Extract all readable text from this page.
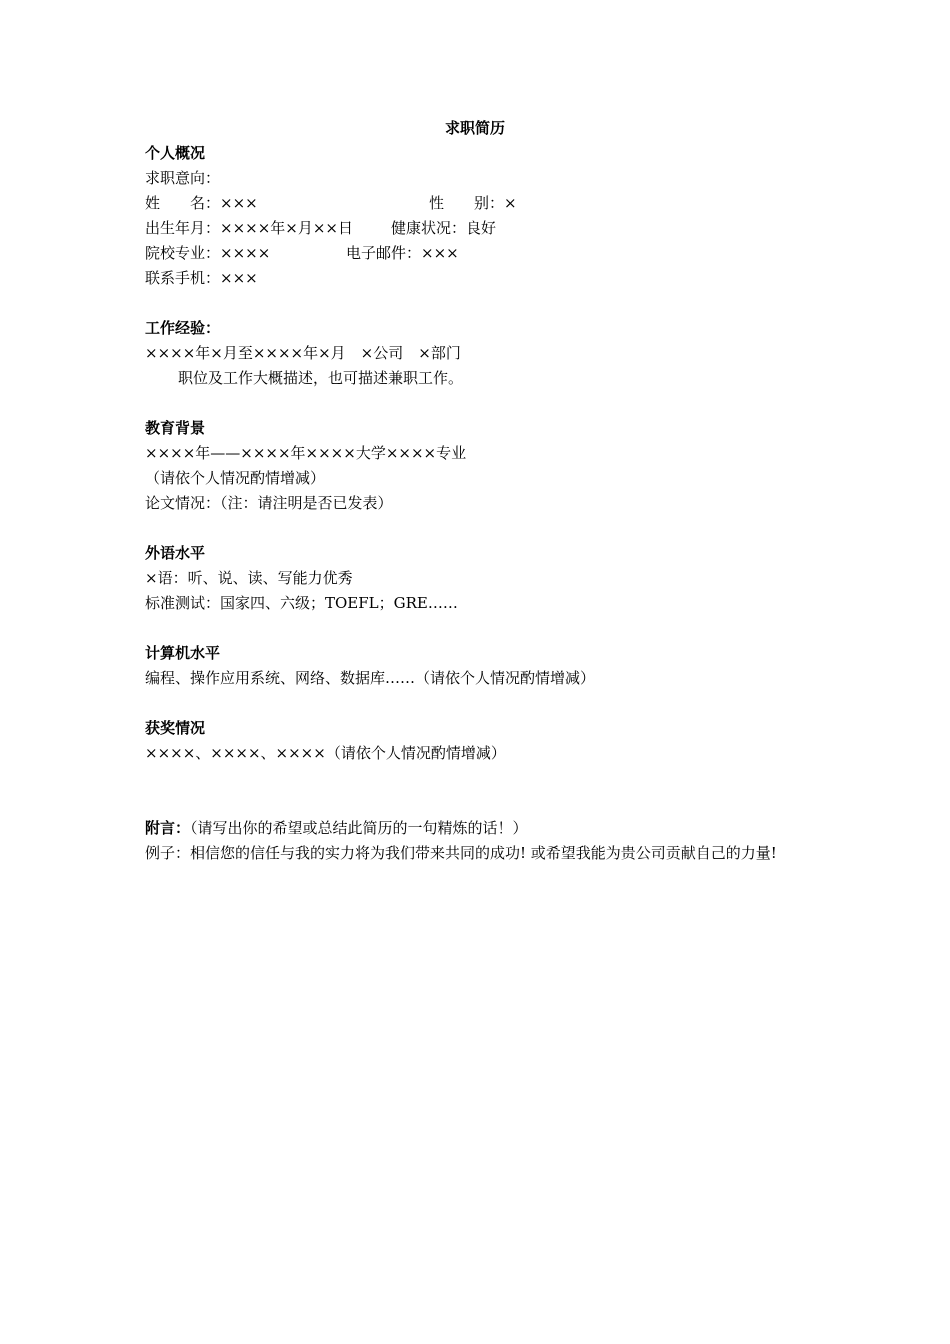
求职简历
个人概况
求职意向：
姓　　名：×××	性　　别：×
出生年月：××××年×月××日	健康状况：良好
院校专业：××××	电子邮件：×××
联系手机：×××
工作经验：
××××年×月至××××年×月　×公司　×部门
职位及工作大概描述，也可描述兼职工作。
教育背景
××××年——××××年××××大学××××专业
（请依个人情况酌情增减）
论文情况：（注：请注明是否已发表）
外语水平
×语：听、说、读、写能力优秀
标准测试：国家四、六级；TOEFL；GRE……
计算机水平
编程、操作应用系统、网络、数据库……（请依个人情况酌情增减）
获奖情况
××××、××××、××××（请依个人情况酌情增减）
附言：（请写出你的希望或总结此简历的一句精炼的话！）
例子：相信您的信任与我的实力将为我们带来共同的成功! 或希望我能为贵公司贡献自己的力量!
